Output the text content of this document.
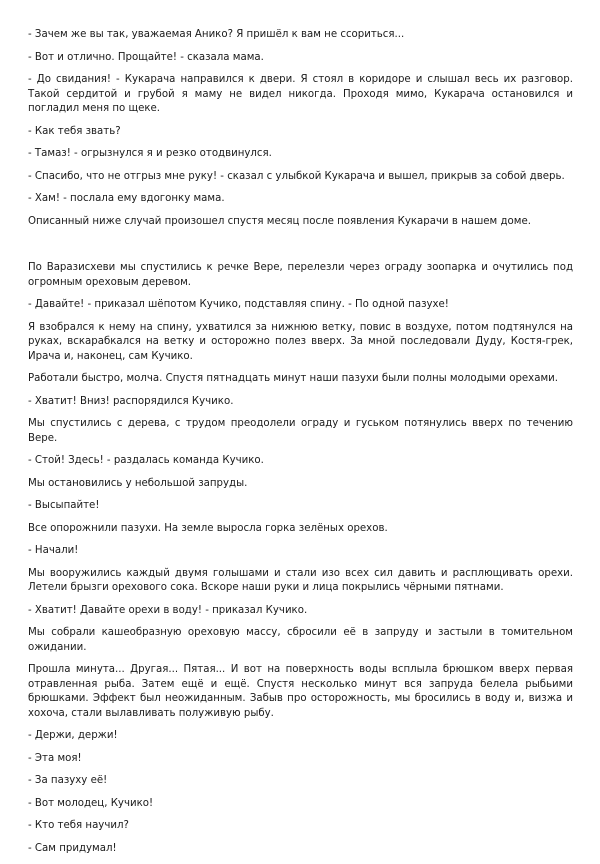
- Зачем же вы так, уважаемая Анико? Я пришёл к вам не ссориться...

- Вот и отлично. Прощайте! - сказала мама.

- До свидания! - Кукарача направился к двери. Я стоял в коридоре и слышал весь их разговор. Такой сердитой и грубой я маму не видел никогда. Проходя мимо, Кукарача остановился и погладил меня по щеке.

- Как тебя звать?

- Тамаз! - огрызнулся я и резко отодвинулся.

- Спасибо, что не отгрыз мне руку! - сказал с улыбкой Кукарача и вышел, прикрыв за собой дверь.

- Хам! - послала ему вдогонку мама.

Описанный ниже случай произошел спустя месяц после появления Кукарачи в нашем доме.

По Варазисхеви мы спустились к речке Вере, перелезли через ограду зоопарка и очутились под огромным ореховым деревом.

- Давайте! - приказал шёпотом Кучико, подставляя спину. - По одной пазухе!

Я взобрался к нему на спину, ухватился за нижнюю ветку, повис в воздухе, потом подтянулся на руках, вскарабкался на ветку и осторожно полез вверх. За мной последовали Дуду, Костя-грек, Ирача и, наконец, сам Кучико.

Работали быстро, молча. Спустя пятнадцать минут наши пазухи были полны молодыми орехами.

- Хватит! Вниз! распорядился Кучико.

Мы спустились с дерева, с трудом преодолели ограду и гуськом потянулись вверх по течению Вере.

- Стой! Здесь! - раздалась команда Кучико.

Мы остановились у небольшой запруды.

- Высыпайте!

Все опорожнили пазухи. На земле выросла горка зелёных орехов.

- Начали!

Мы вооружились каждый двумя голышами и стали изо всех сил давить и расплющивать орехи. Летели брызги орехового сока. Вскоре наши руки и лица покрылись чёрными пятнами.

- Хватит! Давайте орехи в воду! - приказал Кучико.

Мы собрали кашеобразную ореховую массу, сбросили её в запруду и застыли в томительном ожидании.

Прошла минута... Другая... Пятая... И вот на поверхность воды всплыла брюшком вверх первая отравленная рыба. Затем ещё и ещё. Спустя несколько минут вся запруда белела рыбьими брюшками. Эффект был неожиданным. Забыв про осторожность, мы бросились в воду и, визжа и хохоча, стали вылавливать полуживую рыбу.

- Держи, держи!

- Эта моя!

- За пазуху её!

- Вот молодец, Кучико!

- Кто тебя научил?

- Сам придумал!
